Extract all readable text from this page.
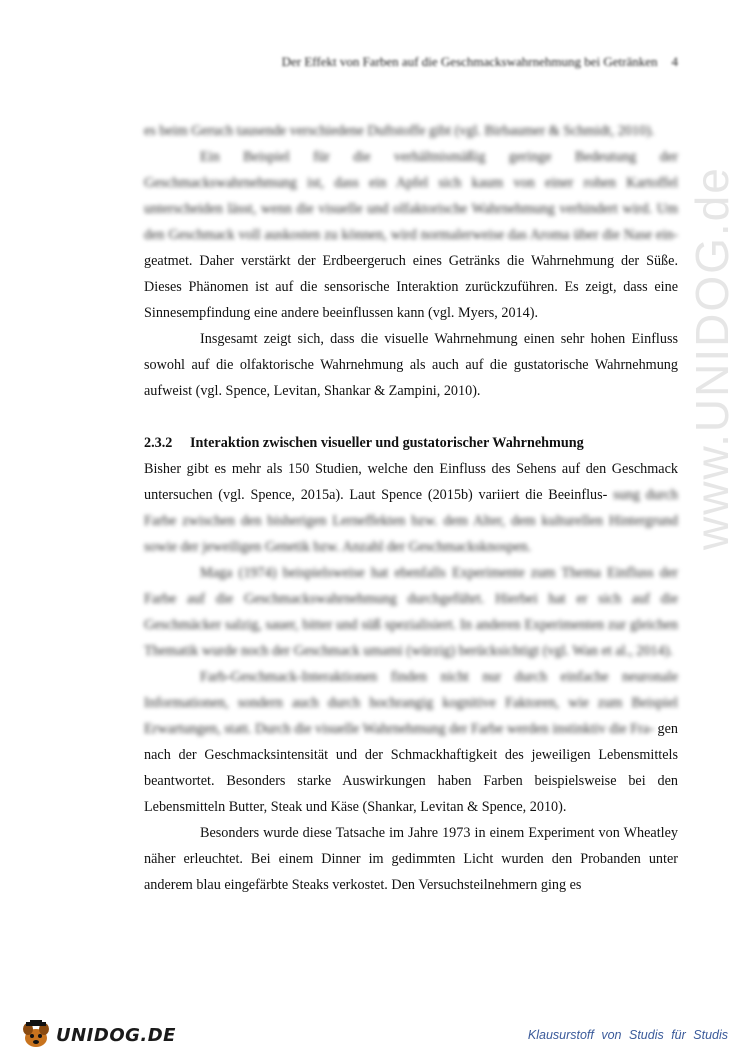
Der Effekt von Farben auf die Geschmackswahrnehmung bei Getränken 4
www.UNIDOG.de

es beim Geruch tausende verschiedene Duftstoffe gibt (vgl. Birbaumer & Schmidt, 2010).

Ein Beispiel für die verhältnismäßig geringe Bedeutung der Geschmackswahrnehmung ist, dass ein Apfel sich kaum von einer rohen Kartoffel unterscheiden lässt, wenn die visuelle und olfaktorische Wahrnehmung verhindert wird. Um den Geschmack voll auskosten zu können, wird normalerweise das Aroma über die Nase ein- geatmet. Daher verstärkt der Erdbeergeruch eines Getränks die Wahrnehmung der Süße. Dieses Phänomen ist auf die sensorische Interaktion zurückzuführen. Es zeigt, dass eine Sinnesempfindung eine andere beeinflussen kann (vgl. Myers, 2014).

Insgesamt zeigt sich, dass die visuelle Wahrnehmung einen sehr hohen Einfluss sowohl auf die olfaktorische Wahrnehmung als auch auf die gustatorische Wahrnehmung aufweist (vgl. Spence, Levitan, Shankar & Zampini, 2010).

2.3.2 Interaktion zwischen visueller und gustatorischer Wahrnehmung

Bisher gibt es mehr als 150 Studien, welche den Einfluss des Sehens auf den Geschmack untersuchen (vgl. Spence, 2015a). Laut Spence (2015b) variiert die Beeinflus- sung durch Farbe zwischen den bisherigen Lerneffekten bzw. dem Alter, dem kulturellen Hintergrund sowie der jeweiligen Genetik bzw. Anzahl der Geschmacksknospen.

Maga (1974) beispielsweise hat ebenfalls Experimente zum Thema Einfluss der Farbe auf die Geschmackswahrnehmung durchgeführt. Hierbei hat er sich auf die Geschmäcker salzig, sauer, bitter und süß spezialisiert. In anderen Experimenten zur gleichen Thematik wurde noch der Geschmack umami (würzig) berücksichtigt (vgl. Wan et al., 2014).

Farb-Geschmack-Interaktionen finden nicht nur durch einfache neuronale Informationen, sondern auch durch hochrangig kognitive Faktoren, wie zum Beispiel Erwartungen, statt. Durch die visuelle Wahrnehmung der Farbe werden instinktiv die Fra- gen nach der Geschmacksintensität und der Schmackhaftigkeit des jeweiligen Lebensmittels beantwortet. Besonders starke Auswirkungen haben Farben beispielsweise bei den Lebensmitteln Butter, Steak und Käse (Shankar, Levitan & Spence, 2010).

Besonders wurde diese Tatsache im Jahre 1973 in einem Experiment von Wheatley näher erleuchtet. Bei einem Dinner im gedimmten Licht wurden den Probanden unter anderem blau eingefärbte Steaks verkostet. Den Versuchsteilnehmern ging es

UNIDOG.DE	Klausurstoff von Studis für Studis
